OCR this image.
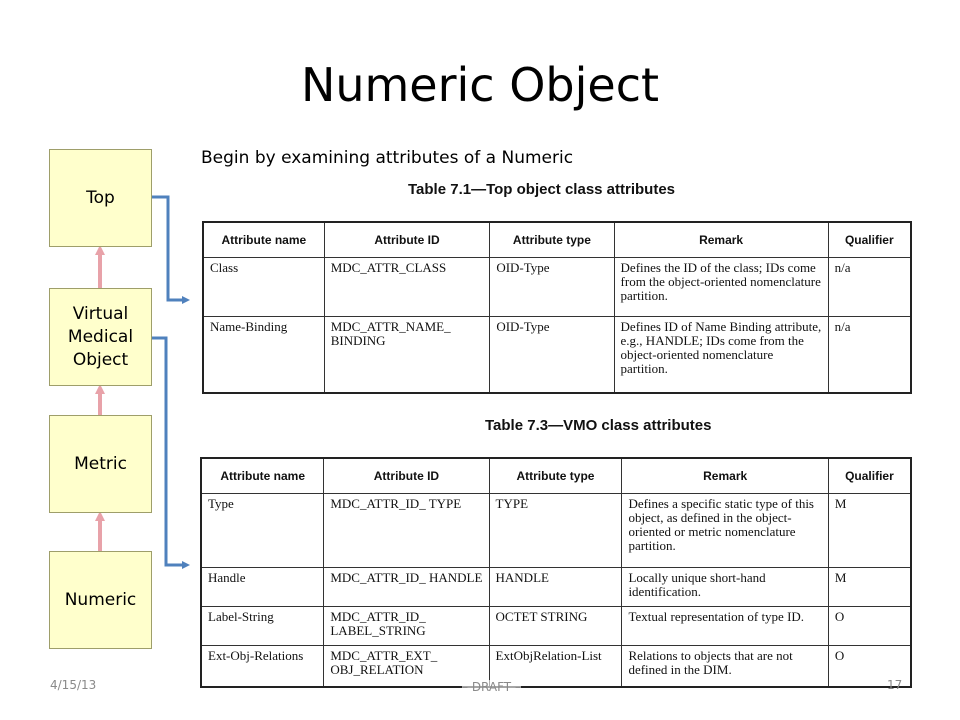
Numeric Object
Begin by examining attributes of a Numeric
Top
Virtual Medical Object
Metric
Numeric
Table 7.1—Top object class attributes
Attribute name	Attribute ID	Attribute type	Remark	Qualifier
Class	MDC_ATTR_CLASS	OID-Type	Defines the ID of the class; IDs come from the object-oriented nomenclature partition.	n/a
Name-Binding	MDC_ATTR_NAME_ BINDING	OID-Type	Defines ID of Name Binding attribute, e.g., HANDLE; IDs come from the object-oriented nomenclature partition.	n/a
Table 7.3—VMO class attributes
Attribute name	Attribute ID	Attribute type	Remark	Qualifier
Type	MDC_ATTR_ID_ TYPE	TYPE	Defines a specific static type of this object, as defined in the object-oriented or metric nomenclature partition.	M
Handle	MDC_ATTR_ID_ HANDLE	HANDLE	Locally unique short-hand identification.	M
Label-String	MDC_ATTR_ID_ LABEL_STRING	OCTET STRING	Textual representation of type ID.	O
Ext-Obj-Relations	MDC_ATTR_EXT_ OBJ_RELATION	ExtObjRelation-List	Relations to objects that are not defined in the DIM.	O
4/15/13	– DRAFT –	17
